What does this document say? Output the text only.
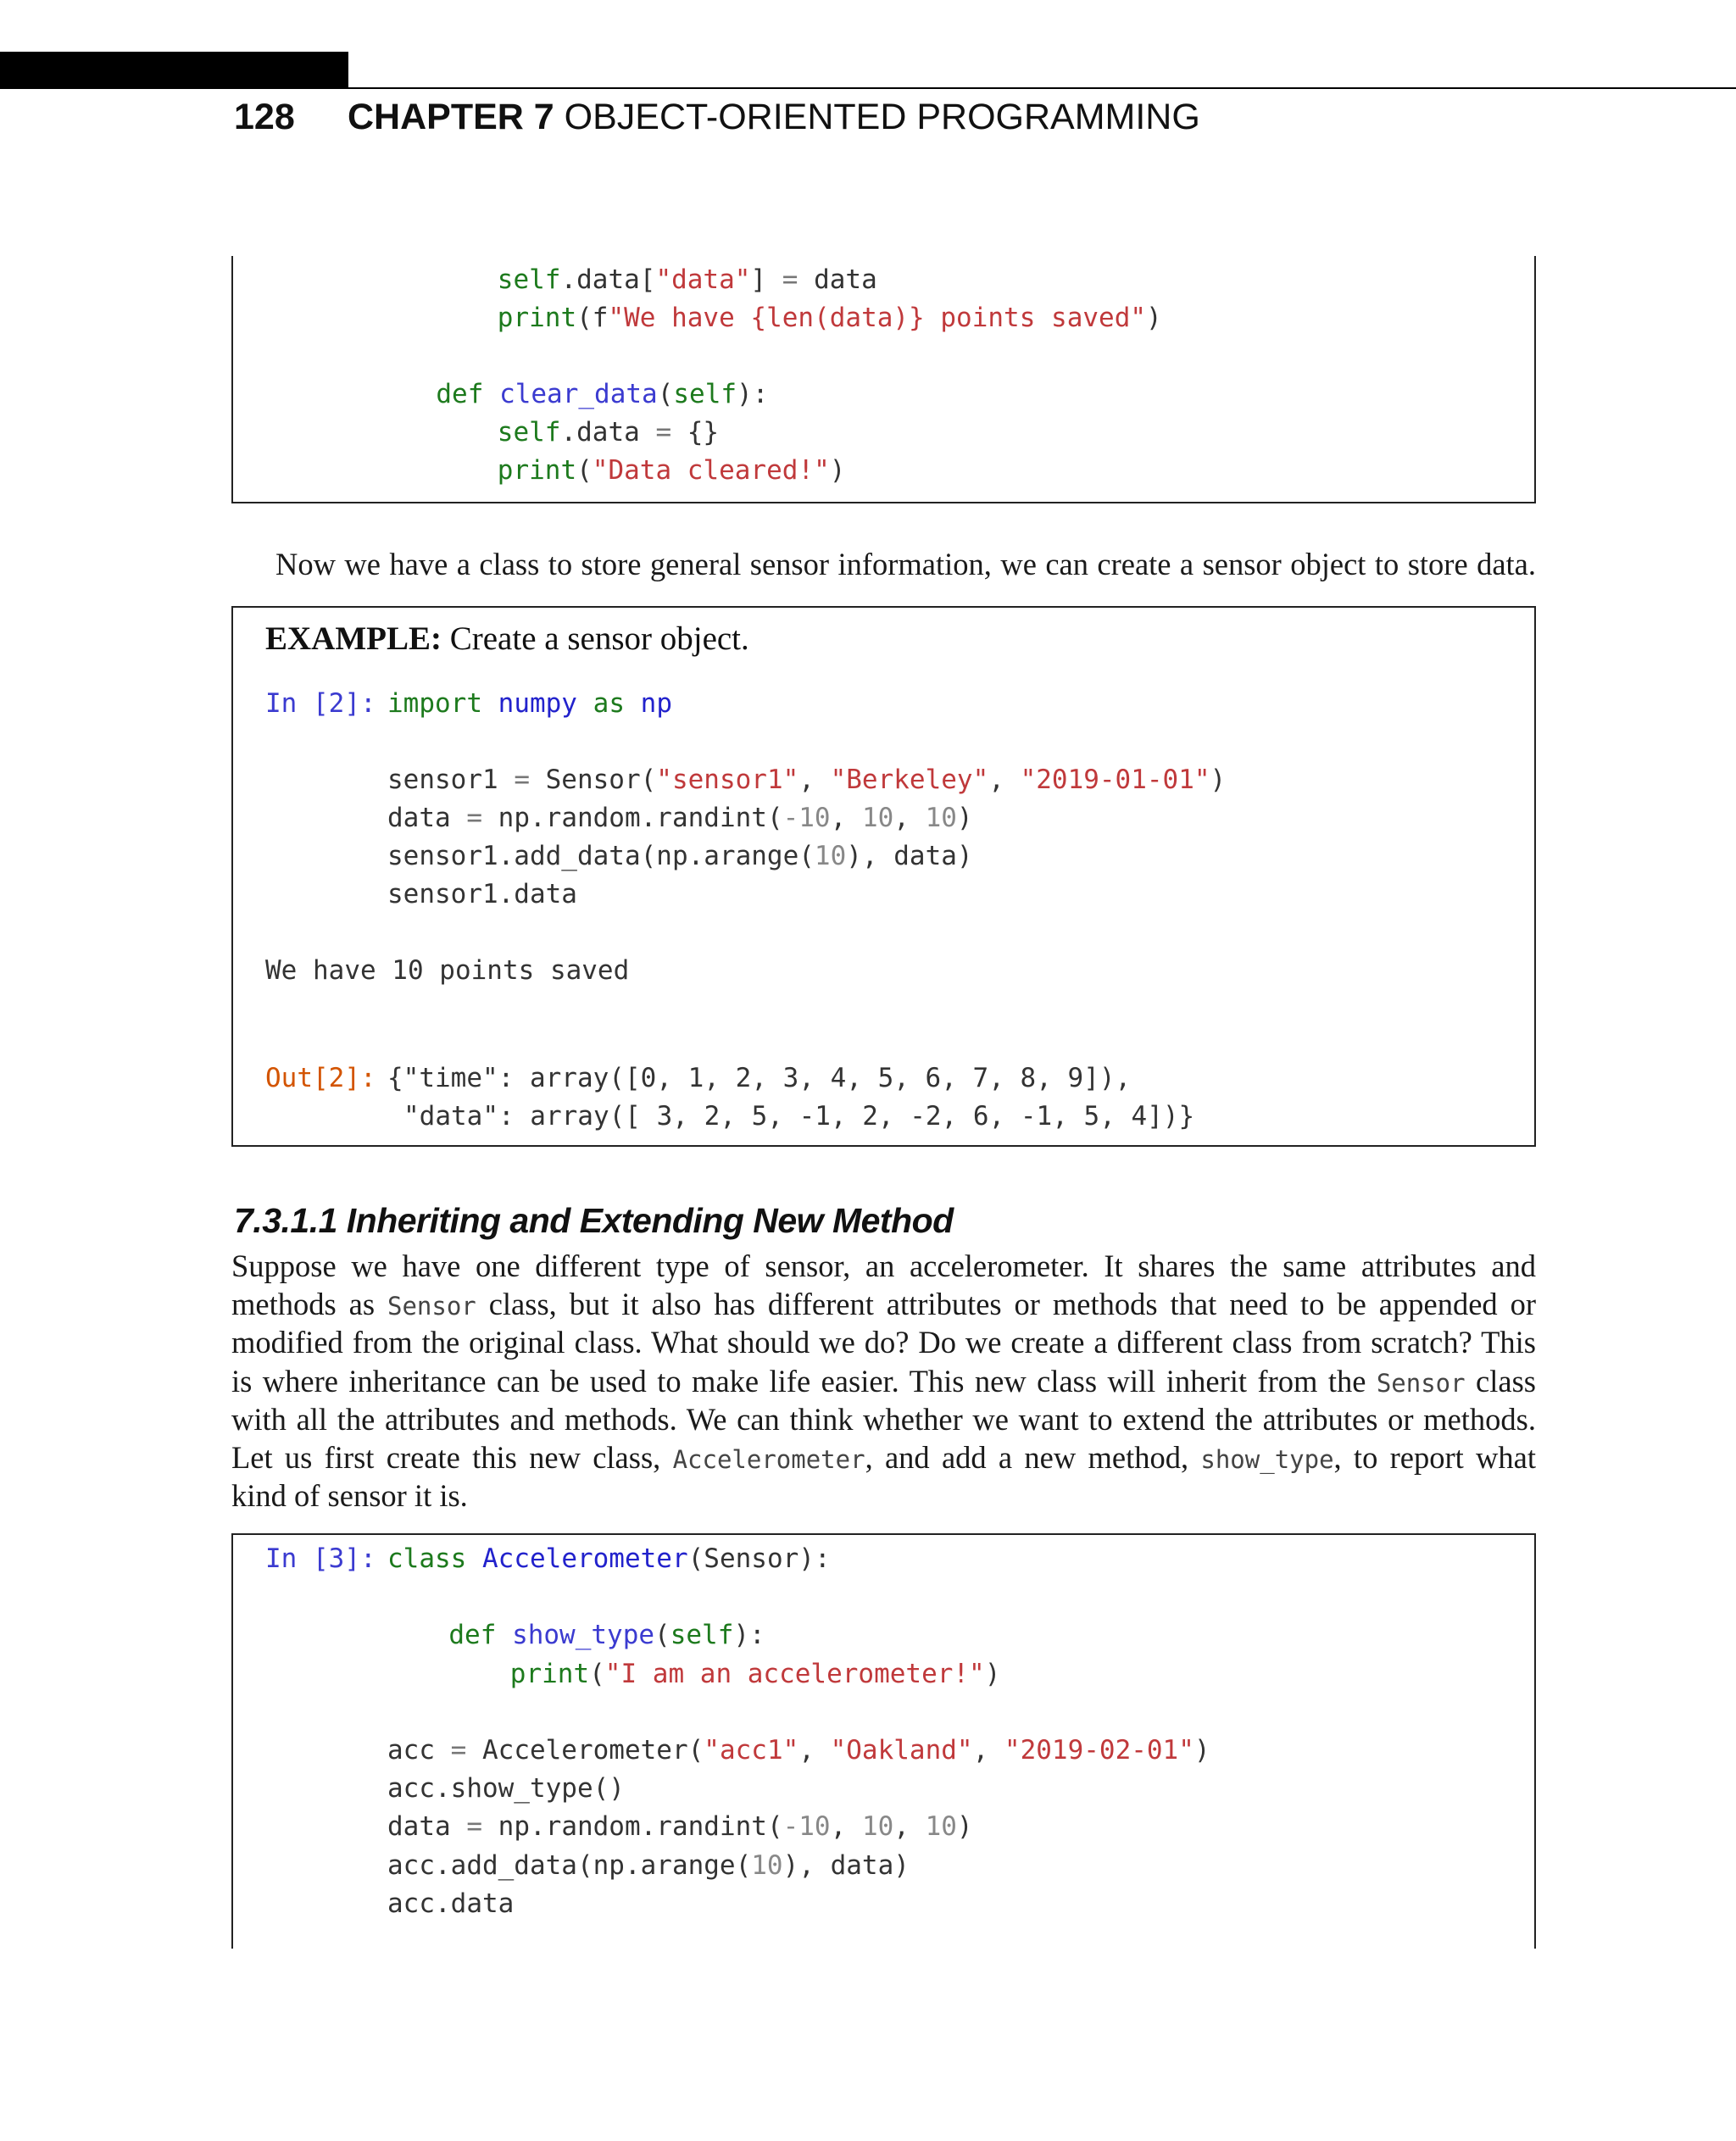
128 CHAPTER 7 OBJECT-ORIENTED PROGRAMMING
self.data["data"] = data
print(f"We have {len(data)} points saved")
def clear_data(self):
self.data = {}
print("Data cleared!")
Now we have a class to store general sensor information, we can create a sensor object to store data.
EXAMPLE: Create a sensor object.
We have 10 points saved
Out[2]:
{"time": array([0, 1, 2, 3, 4, 5, 6, 7, 8, 9]),
"data": array([ 3, 2, 5, -1, 2, -2, 6, -1, 5, 4])}
In [2]:
import numpy as np
sensor1 = Sensor("sensor1", "Berkeley", "2019-01-01")
data = np.random.randint(-10, 10, 10)
sensor1.add_data(np.arange(10), data)
sensor1.data
7.3.1.1 Inheriting and Extending New Method
Suppose we have one different type of sensor, an accelerometer. It shares the same attributes and
methods as Sensor class, but it also has different attributes or methods that need to be appended or
modified from the original class. What should we do? Do we create a different class from scratch? This
is where inheritance can be used to make life easier. This new class will inherit from the Sensor class
with all the attributes and methods. We can think whether we want to extend the attributes or methods.
Let us first create this new class, Accelerometer, and add a new method, show_type, to report what
kind of sensor it is.
In [3]:
class Accelerometer(Sensor):
def show_type(self):
print("I am an accelerometer!")
acc = Accelerometer("acc1", "Oakland", "2019-02-01")
acc.show_type()
data = np.random.randint(-10, 10, 10)
acc.add_data(np.arange(10), data)
acc.data
